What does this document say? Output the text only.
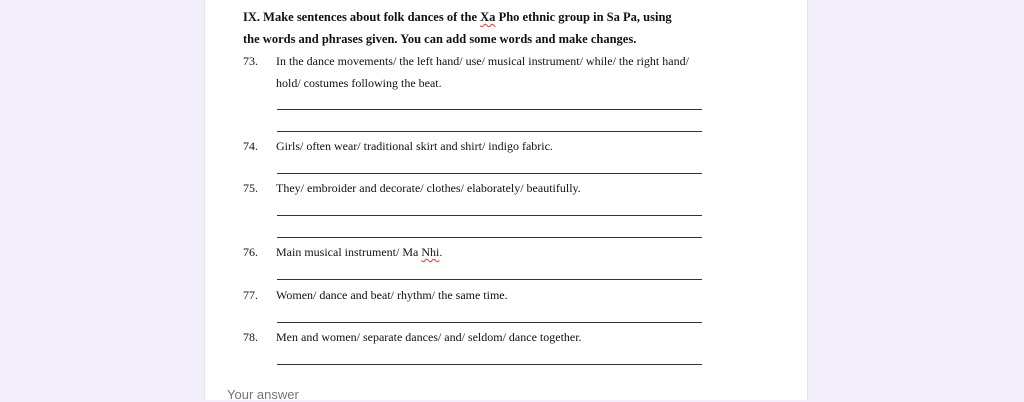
IX. Make sentences about folk dances of the Xa Pho ethnic group in Sa Pa, using
the words and phrases given. You can add some words and make changes.
73. In the dance movements/ the left hand/ use/ musical instrument/ while/ the right hand/ hold/ costumes following the beat.
74. Girls/ often wear/ traditional skirt and shirt/ indigo fabric.
75. They/ embroider and decorate/ clothes/ elaborately/ beautifully.
76. Main musical instrument/ Ma Nhi.
77. Women/ dance and beat/ rhythm/ the same time.
78. Men and women/ separate dances/ and/ seldom/ dance together.
Your answer
